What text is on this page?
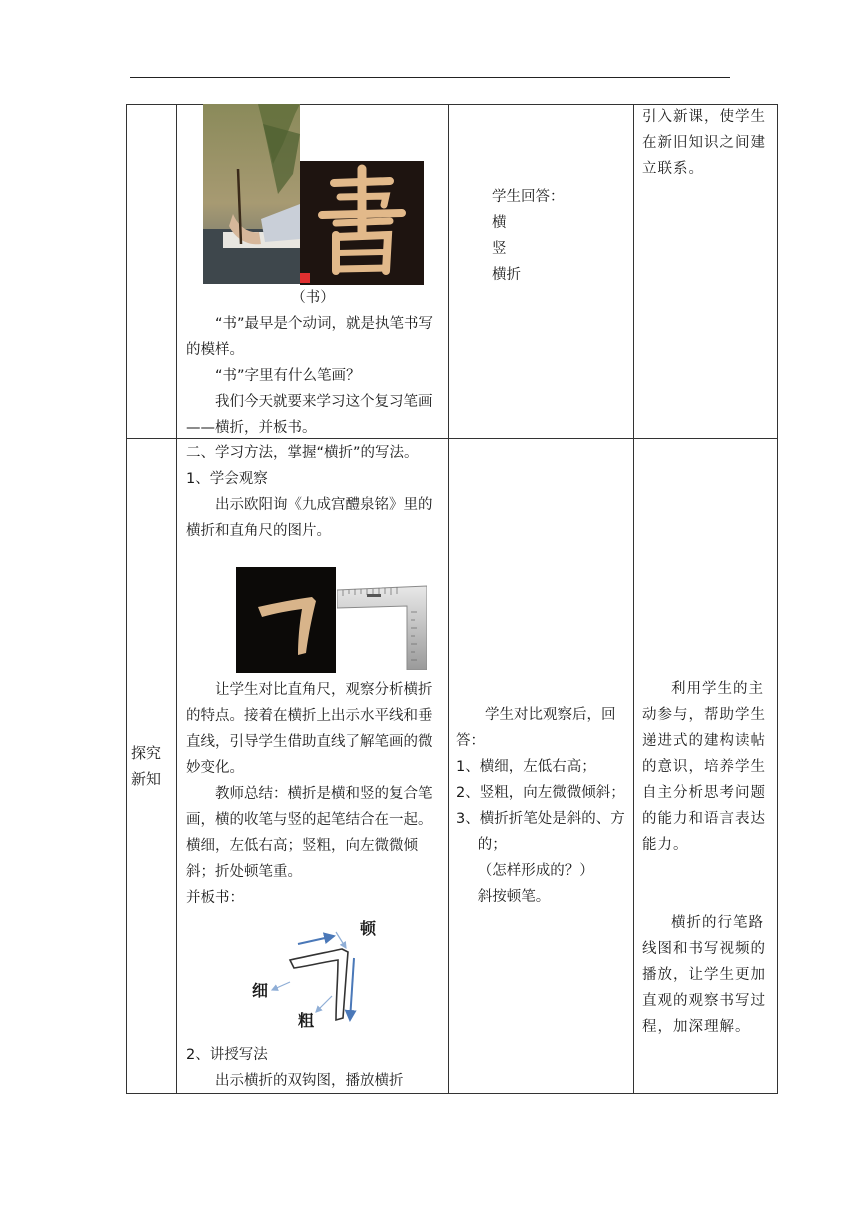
（书）

“书”最早是个动词，就是执笔书写的模样。

“书”字里有什么笔画？

我们今天就要来学习这个复习笔画——横折，并板书。

学生回答：

横

竖

横折

引入新课，使学生在新旧知识之间建立联系。

探究新知

二、学习方法，掌握“横折”的写法。

1、学会观察

出示欧阳询《九成宫醴泉铭》里的横折和直角尺的图片。

让学生对比直角尺，观察分析横折的特点。接着在横折上出示水平线和垂直线，引导学生借助直线了解笔画的微妙变化。

教师总结：横折是横和竖的复合笔画，横的收笔与竖的起笔结合在一起。横细，左低右高；竖粗，向左微微倾斜；折处顿笔重。

并板书：

顿
细
粗

2、讲授写法

出示横折的双钩图，播放横折

学生对比观察后，回答：

1、横细，左低右高；

2、竖粗，向左微微倾斜；

3、横折折笔处是斜的、方的；

（怎样形成的？）

斜按顿笔。

利用学生的主动参与，帮助学生递进式的建构读帖的意识，培养学生自主分析思考问题的能力和语言表达能力。

横折的行笔路线图和书写视频的播放，让学生更加直观的观察书写过程，加深理解。
